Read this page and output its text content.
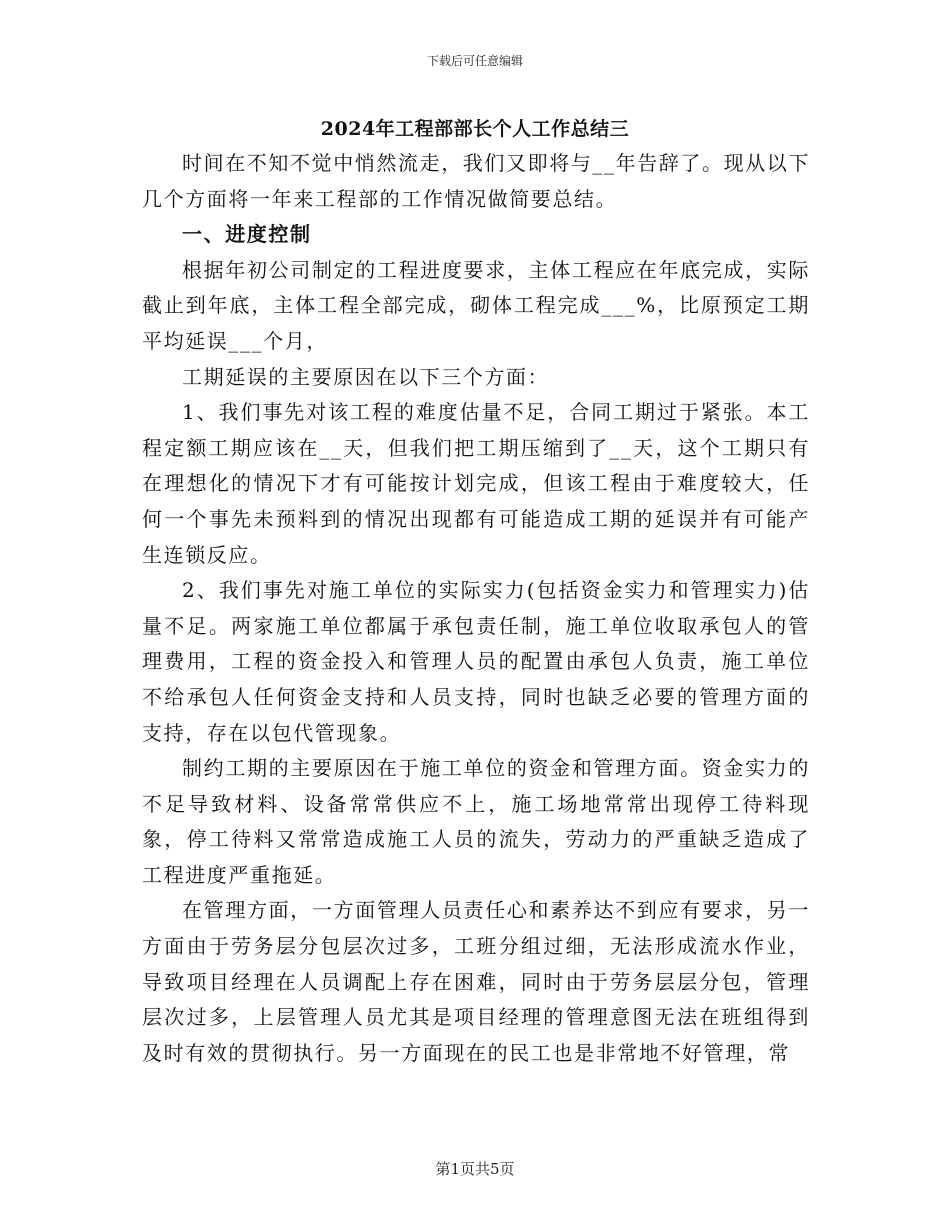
下载后可任意编辑
2024年工程部部长个人工作总结三

时间在不知不觉中悄然流走，我们又即将与__年告辞了。现从以下几个方面将一年来工程部的工作情况做简要总结。

一、进度控制

根据年初公司制定的工程进度要求，主体工程应在年底完成，实际截止到年底，主体工程全部完成，砌体工程完成___%，比原预定工期平均延误___个月，

工期延误的主要原因在以下三个方面：

1、我们事先对该工程的难度估量不足，合同工期过于紧张。本工程定额工期应该在__天，但我们把工期压缩到了__天，这个工期只有在理想化的情况下才有可能按计划完成，但该工程由于难度较大，任何一个事先未预料到的情况出现都有可能造成工期的延误并有可能产生连锁反应。

2、我们事先对施工单位的实际实力(包括资金实力和管理实力)估量不足。两家施工单位都属于承包责任制，施工单位收取承包人的管理费用，工程的资金投入和管理人员的配置由承包人负责，施工单位不给承包人任何资金支持和人员支持，同时也缺乏必要的管理方面的支持，存在以包代管现象。

制约工期的主要原因在于施工单位的资金和管理方面。资金实力的不足导致材料、设备常常供应不上，施工场地常常出现停工待料现象，停工待料又常常造成施工人员的流失，劳动力的严重缺乏造成了工程进度严重拖延。

在管理方面，一方面管理人员责任心和素养达不到应有要求，另一方面由于劳务层分包层次过多，工班分组过细，无法形成流水作业，导致项目经理在人员调配上存在困难，同时由于劳务层层分包，管理层次过多，上层管理人员尤其是项目经理的管理意图无法在班组得到及时有效的贯彻执行。另一方面现在的民工也是非常地不好管理，常

第1页共5页
